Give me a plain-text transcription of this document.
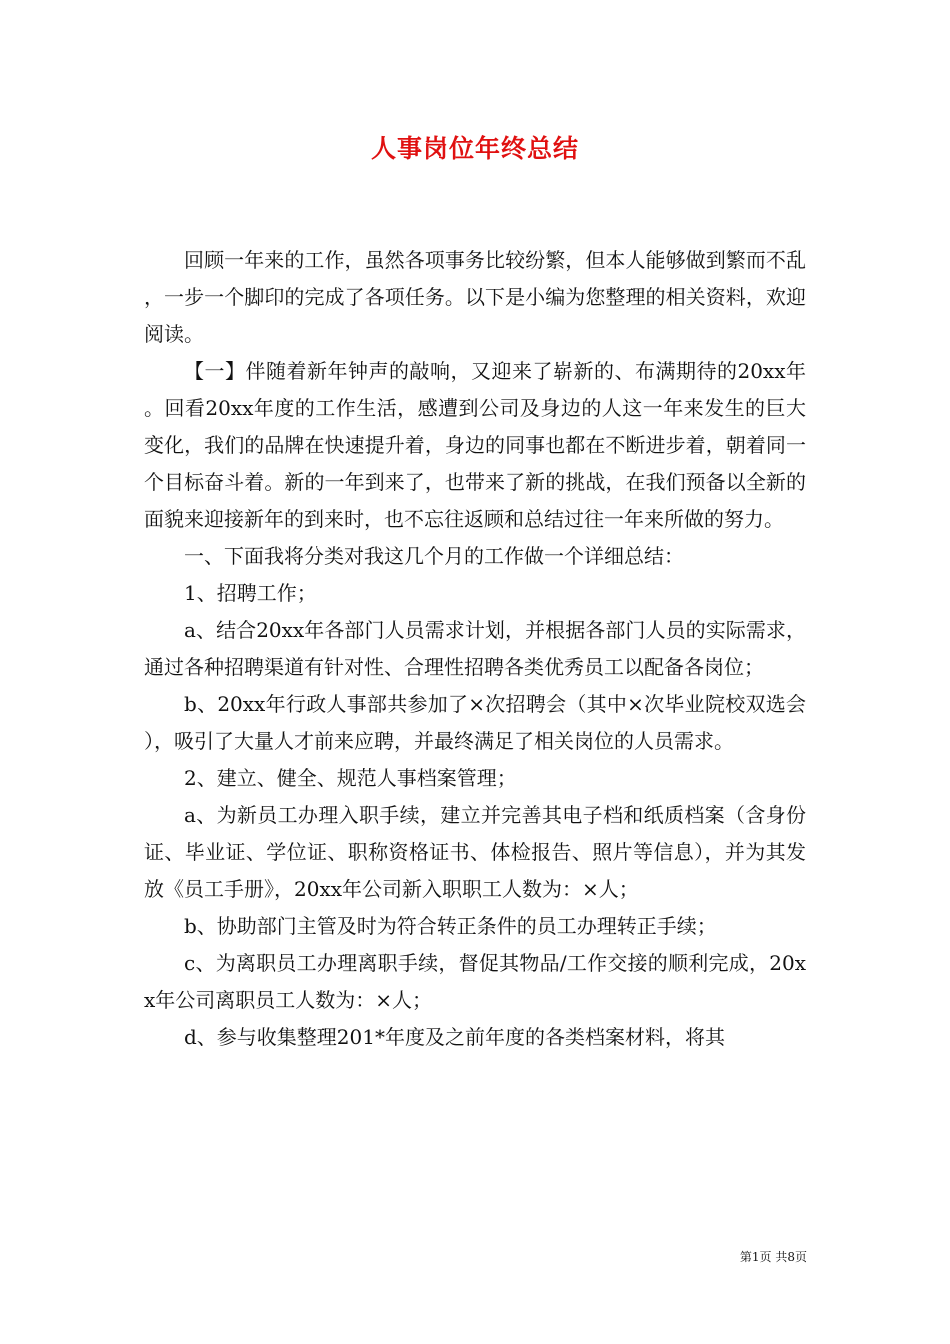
人事岗位年终总结

回顾一年来的工作，虽然各项事务比较纷繁，但本人能够做到繁而不乱，一步一个脚印的完成了各项任务。以下是小编为您整理的相关资料，欢迎阅读。

【一】伴随着新年钟声的敲响，又迎来了崭新的、布满期待的20xx年。回看20xx年度的工作生活，感遭到公司及身边的人这一年来发生的巨大变化，我们的品牌在快速提升着，身边的同事也都在不断进步着，朝着同一个目标奋斗着。新的一年到来了，也带来了新的挑战，在我们预备以全新的面貌来迎接新年的到来时，也不忘往返顾和总结过往一年来所做的努力。

一、下面我将分类对我这几个月的工作做一个详细总结：

1、招聘工作；

a、结合20xx年各部门人员需求计划，并根据各部门人员的实际需求，通过各种招聘渠道有针对性、合理性招聘各类优秀员工以配备各岗位；

b、20xx年行政人事部共参加了×次招聘会（其中×次毕业院校双选会），吸引了大量人才前来应聘，并最终满足了相关岗位的人员需求。

2、建立、健全、规范人事档案管理；

a、为新员工办理入职手续，建立并完善其电子档和纸质档案（含身份证、毕业证、学位证、职称资格证书、体检报告、照片等信息），并为其发放《员工手册》，20xx年公司新入职职工人数为：×人；

b、协助部门主管及时为符合转正条件的员工办理转正手续；

c、为离职员工办理离职手续，督促其物品/工作交接的顺利完成，20xx年公司离职员工人数为：×人；

d、参与收集整理201*年度及之前年度的各类档案材料，将其

第1页 共8页
